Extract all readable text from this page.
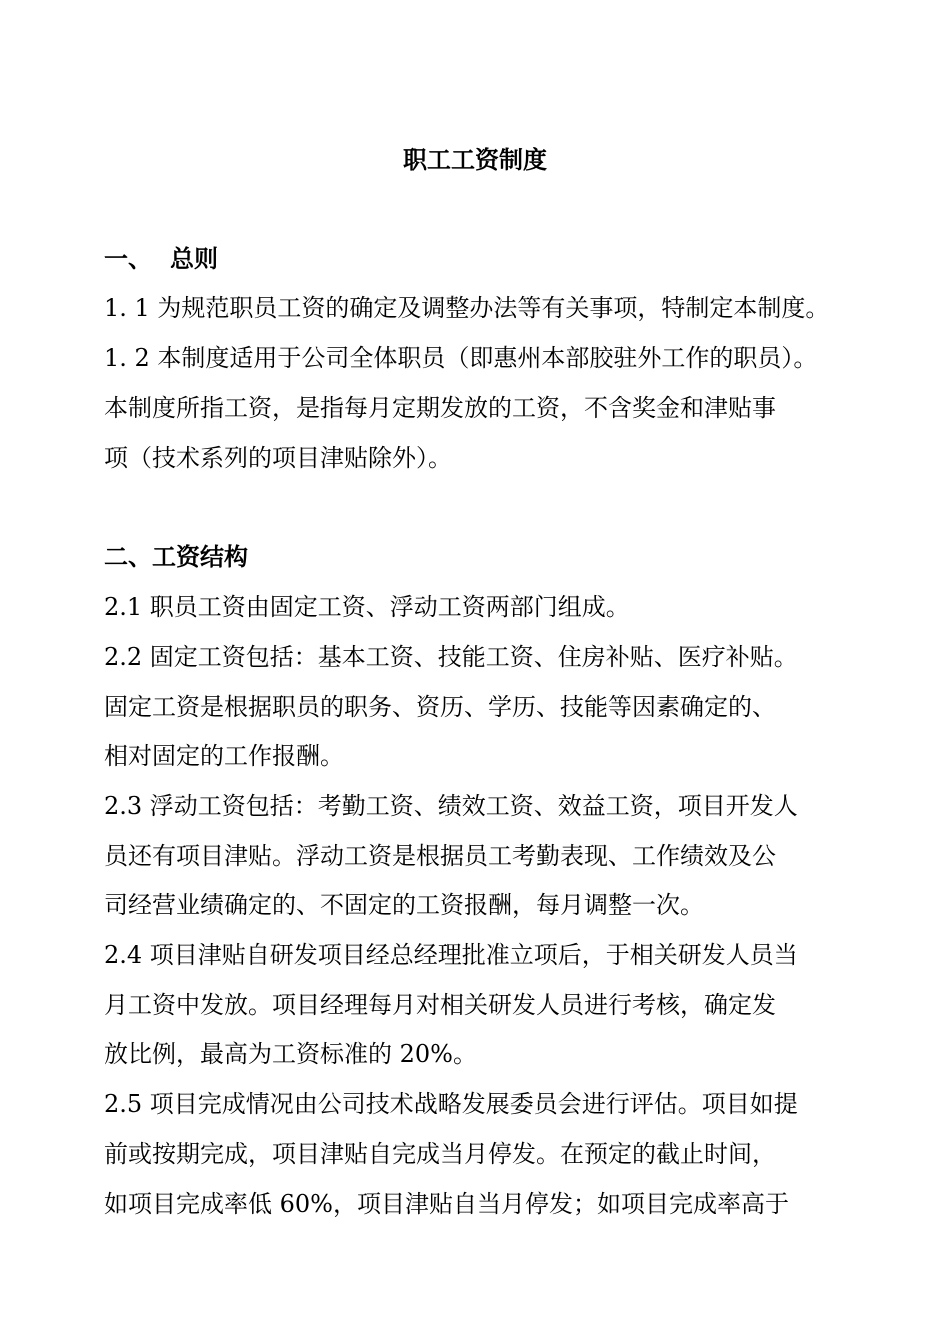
职工工资制度
一、 总则
1. 1 为规范职员工资的确定及调整办法等有关事项，特制定本制度。
1. 2 本制度适用于公司全体职员（即惠州本部胶驻外工作的职员）。
本制度所指工资，是指每月定期发放的工资，不含奖金和津贴事
项（技术系列的项目津贴除外）。
二、工资结构
2.1 职员工资由固定工资、浮动工资两部门组成。
2.2 固定工资包括：基本工资、技能工资、住房补贴、医疗补贴。
固定工资是根据职员的职务、资历、学历、技能等因素确定的、
相对固定的工作报酬。
2.3 浮动工资包括：考勤工资、绩效工资、效益工资，项目开发人
员还有项目津贴。浮动工资是根据员工考勤表现、工作绩效及公
司经营业绩确定的、不固定的工资报酬，每月调整一次。
2.4 项目津贴自研发项目经总经理批准立项后，于相关研发人员当
月工资中发放。项目经理每月对相关研发人员进行考核，确定发
放比例，最高为工资标准的 20%。
2.5 项目完成情况由公司技术战略发展委员会进行评估。项目如提
前或按期完成，项目津贴自完成当月停发。在预定的截止时间，
如项目完成率低 60%，项目津贴自当月停发；如项目完成率高于
